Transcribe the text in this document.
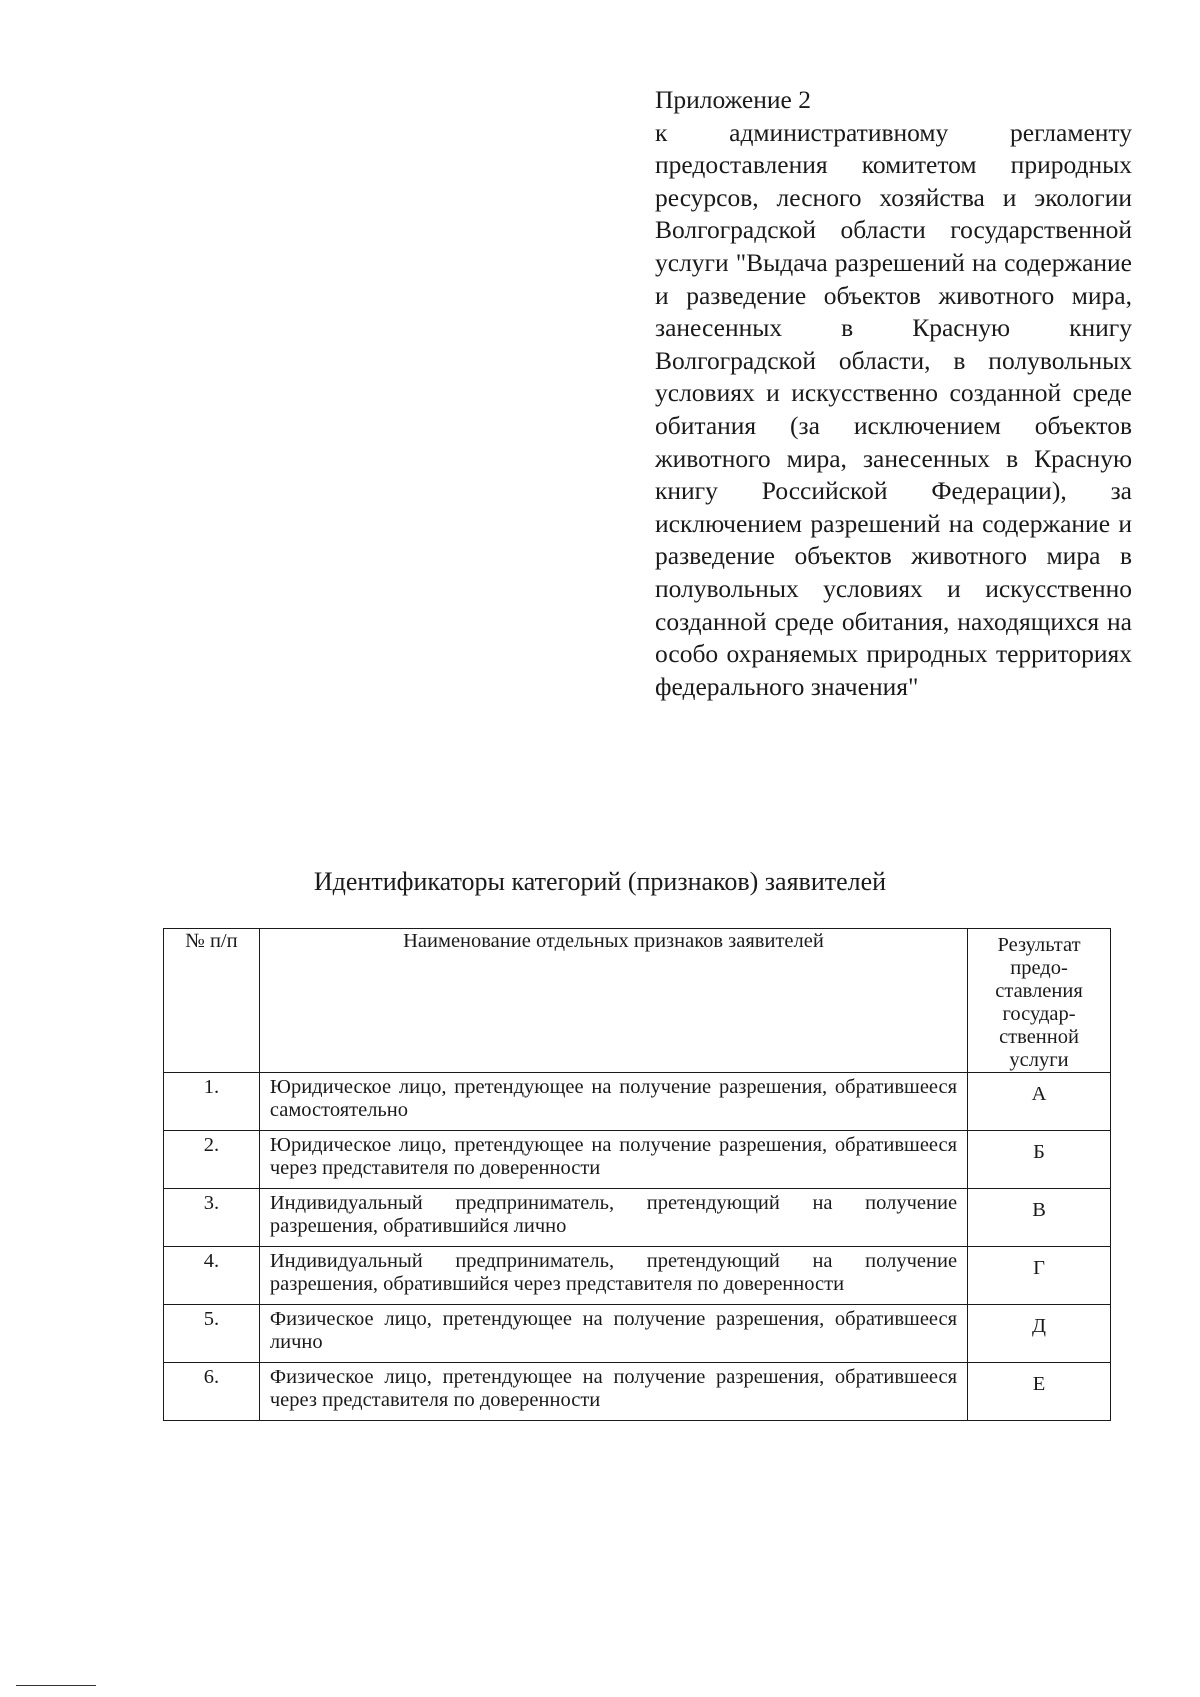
Приложение 2
к административному регламенту предоставления комитетом природных ресурсов, лесного хозяйства и экологии Волгоградской области государственной услуги "Выдача разрешений на содержание и разведение объектов животного мира, занесенных в Красную книгу Волгоградской области, в полувольных условиях и искусственно созданной среде обитания (за исключением объектов животного мира, занесенных в Красную книгу Российской Федерации), за исключением разрешений на содержание и разведение объектов животного мира в полувольных условиях и искусственно созданной среде обитания, находящихся на особо охраняемых природных территориях федерального значения"
Идентификаторы категорий (признаков) заявителей
№ п/п	Наименование отдельных признаков заявителей	Результат предо-ставления государ-ственной услуги
1.	Юридическое лицо, претендующее на получение разрешения, обратившееся самостоятельно	А
2.	Юридическое лицо, претендующее на получение разрешения, обратившееся через представителя по доверенности	Б
3.	Индивидуальный предприниматель, претендующий на получение разрешения, обратившийся лично	В
4.	Индивидуальный предприниматель, претендующий на получение разрешения, обратившийся через представителя по доверенности	Г
5.	Физическое лицо, претендующее на получение разрешения, обратившееся лично	Д
6.	Физическое лицо, претендующее на получение разрешения, обратившееся через представителя по доверенности	Е
